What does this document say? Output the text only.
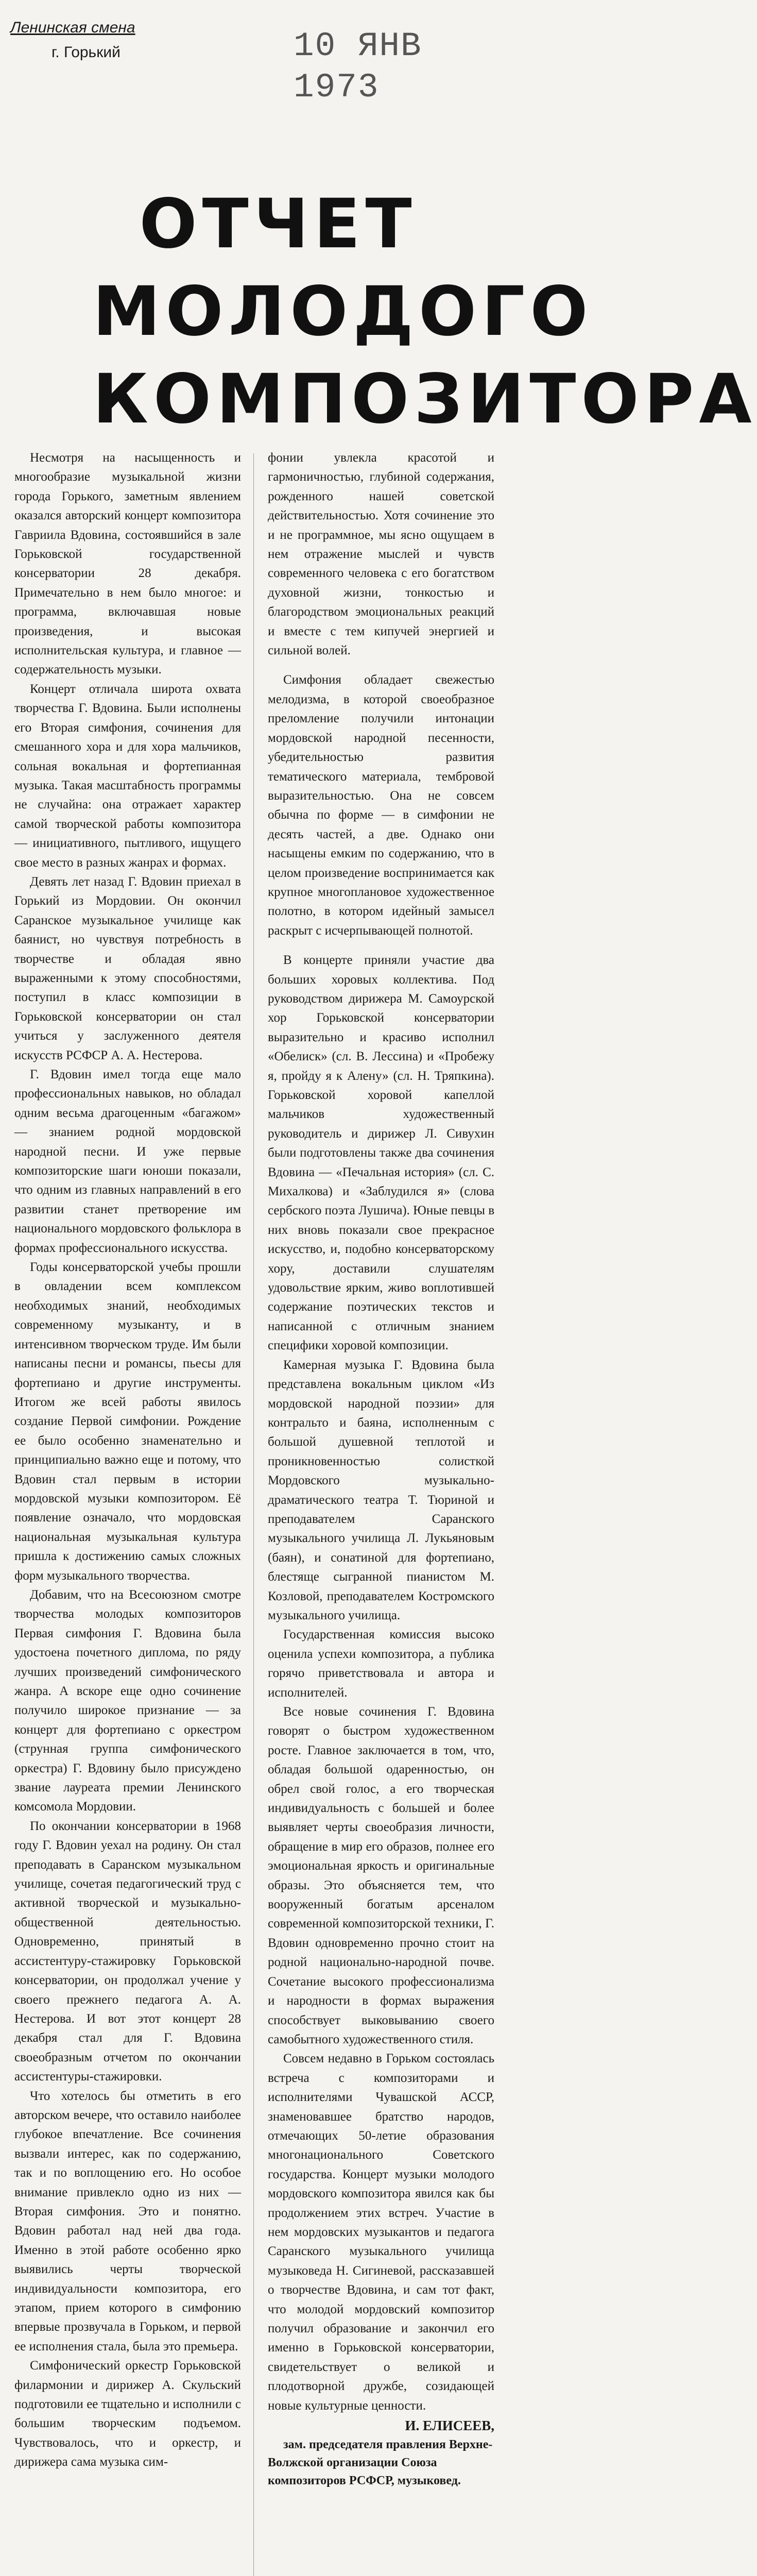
Ленинская смена
г. Горький	10 ЯНВ 1973
ОТЧЕТ
МОЛОДОГО
КОМПОЗИТОРА

Несмотря на насыщенность и многообразие музыкальной жизни города Горького, заметным явлением оказался авторский концерт композитора Гавриила Вдовина, состоявшийся в зале Горьковской государственной консерватории 28 декабря. Примечательно в нем было многое: и программа, включавшая новые произведения, и высокая исполнительская культура, и главное — содержательность музыки.

Концерт отличала широта охвата творчества Г. Вдовина. Были исполнены его Вторая симфония, сочинения для смешанного хора и для хора мальчиков, сольная вокальная и фортепианная музыка. Такая масштабность программы не случайна: она отражает характер самой творческой работы композитора — инициативного, пытливого, ищущего свое место в разных жанрах и формах.

Девять лет назад Г. Вдовин приехал в Горький из Мордовии. Он окончил Саранское музыкальное училище как баянист, но чувствуя потребность в творчестве и обладая явно выраженными к этому способностями, поступил в класс композиции в Горьковской консерватории он стал учиться у заслуженного деятеля искусств РСФСР А. А. Нестерова.

Г. Вдовин имел тогда еще мало профессиональных навыков, но обладал одним весьма драгоценным «багажом» — знанием родной мордовской народной песни. И уже первые композиторские шаги юноши показали, что одним из главных направлений в его развитии станет претворение им национального мордовского фольклора в формах профессионального искусства.

Годы консерваторской учебы прошли в овладении всем комплексом необходимых знаний, необходимых современному музыканту, и в интенсивном творческом труде. Им были написаны песни и романсы, пьесы для фортепиано и другие инструменты. Итогом же всей работы явилось создание Первой симфонии. Рождение ее было особенно знаменательно и принципиально важно еще и потому, что Вдовин стал первым в истории мордовской музыки композитором. Её появление означало, что мордовская национальная музыкальная культура пришла к достижению самых сложных форм музыкального творчества.

Добавим, что на Всесоюзном смотре творчества молодых композиторов Первая симфония Г. Вдовина была удостоена почетного диплома, по ряду лучших произведений симфонического жанра. А вскоре еще одно сочинение получило широкое признание — за концерт для фортепиано с оркестром (струнная группа симфонического оркестра) Г. Вдовину было присуждено звание лауреата премии Ленинского комсомола Мордовии.

По окончании консерватории в 1968 году Г. Вдовин уехал на родину. Он стал преподавать в Саранском музыкальном училище, сочетая педагогический труд с активной творческой и музыкально-общественной деятельностью. Одновременно, принятый в ассистентуру-стажировку Горьковской консерватории, он продолжал учение у своего прежнего педагога А. А. Нестерова. И вот этот концерт 28 декабря стал для Г. Вдовина своеобразным отчетом по окончании ассистентуры-стажировки.

Что хотелось бы отметить в его авторском вечере, что оставило наиболее глубокое впечатление. Все сочинения вызвали интерес, как по содержанию, так и по воплощению его. Но особое внимание привлекло одно из них — Вторая симфония. Это и понятно. Вдовин работал над ней два года. Именно в этой работе особенно ярко выявились черты творческой индивидуальности композитора, его этапом, прием которого в симфонию впервые прозвучала в Горьком, и первой ее исполнения стала, была это премьера.

Симфонический оркестр Горьковской филармонии и дирижер А. Скульский подготовили ее тщательно и исполнили с большим творческим подъемом. Чувствовалось, что и оркестр, и дирижера сама музыка сим-

фонии увлекла красотой и гармоничностью, глубиной содержания, рожденного нашей советской действительностью. Хотя сочинение это и не программное, мы ясно ощущаем в нем отражение мыслей и чувств современного человека с его богатством духовной жизни, тонкостью и благородством эмоциональных реакций и вместе с тем кипучей энергией и сильной волей.

Симфония обладает свежестью мелодизма, в которой своеобразное преломление получили интонации мордовской народной песенности, убедительностью развития тематического материала, тембровой выразительностью. Она не совсем обычна по форме — в симфонии не десять частей, а две. Однако они насыщены емким по содержанию, что в целом произведение воспринимается как крупное многоплановое художественное полотно, в котором идейный замысел раскрыт с исчерпывающей полнотой.

В концерте приняли участие два больших хоровых коллектива. Под руководством дирижера М. Самоурской хор Горьковской консерватории выразительно и красиво исполнил «Обелиск» (сл. В. Лессина) и «Пробежу я, пройду я к Алену» (сл. Н. Тряпкина). Горьковской хоровой капеллой мальчиков художественный руководитель и дирижер Л. Сивухин были подготовлены также два сочинения Вдовина — «Печальная история» (сл. С. Михалкова) и «Заблудился я» (слова сербского поэта Лушича). Юные певцы в них вновь показали свое прекрасное искусство, и, подобно консерваторскому хору, доставили слушателям удовольствие ярким, живо воплотившей содержание поэтических текстов и написанной с отличным знанием специфики хоровой композиции.

Камерная музыка Г. Вдовина была представлена вокальным циклом «Из мордовской народной поэзии» для контральто и баяна, исполненным с большой душевной теплотой и проникновенностью солисткой Мордовского музыкально-драматического театра Т. Тюриной и преподавателем Саранского музыкального училища Л. Лукьяновым (баян), и сонатиной для фортепиано, блестяще сыгранной пианистом М. Козловой, преподавателем Костромского музыкального училища.

Государственная комиссия высоко оценила успехи композитора, а публика горячо приветствовала и автора и исполнителей.

Все новые сочинения Г. Вдовина говорят о быстром художественном росте. Главное заключается в том, что, обладая большой одаренностью, он обрел свой голос, а его творческая индивидуальность с большей и более выявляет черты своеобразия личности, обращение в мир его образов, полнее его эмоциональная яркость и оригинальные образы. Это объясняется тем, что вооруженный богатым арсеналом современной композиторской техники, Г. Вдовин одновременно прочно стоит на родной национально-народной почве. Сочетание высокого профессионализма и народности в формах выражения способствует выковыванию своего самобытного художественного стиля.

Совсем недавно в Горьком состоялась встреча с композиторами и исполнителями Чувашской АССР, знаменовавшее братство народов, отмечающих 50-летие образования многонационального Советского государства. Концерт музыки молодого мордовского композитора явился как бы продолжением этих встреч. Участие в нем мордовских музыкантов и педагога Саранского музыкального училища музыковеда Н. Сигиневой, рассказавшей о творчестве Вдовина, и сам тот факт, что молодой мордовский композитор получил образование и закончил его именно в Горьковской консерватории, свидетельствует о великой и плодотворной дружбе, созидающей новые культурные ценности.

И. ЕЛИСЕЕВ,

зам. председателя правления Верхне-Волжской организации Союза композиторов РСФСР, музыковед.
